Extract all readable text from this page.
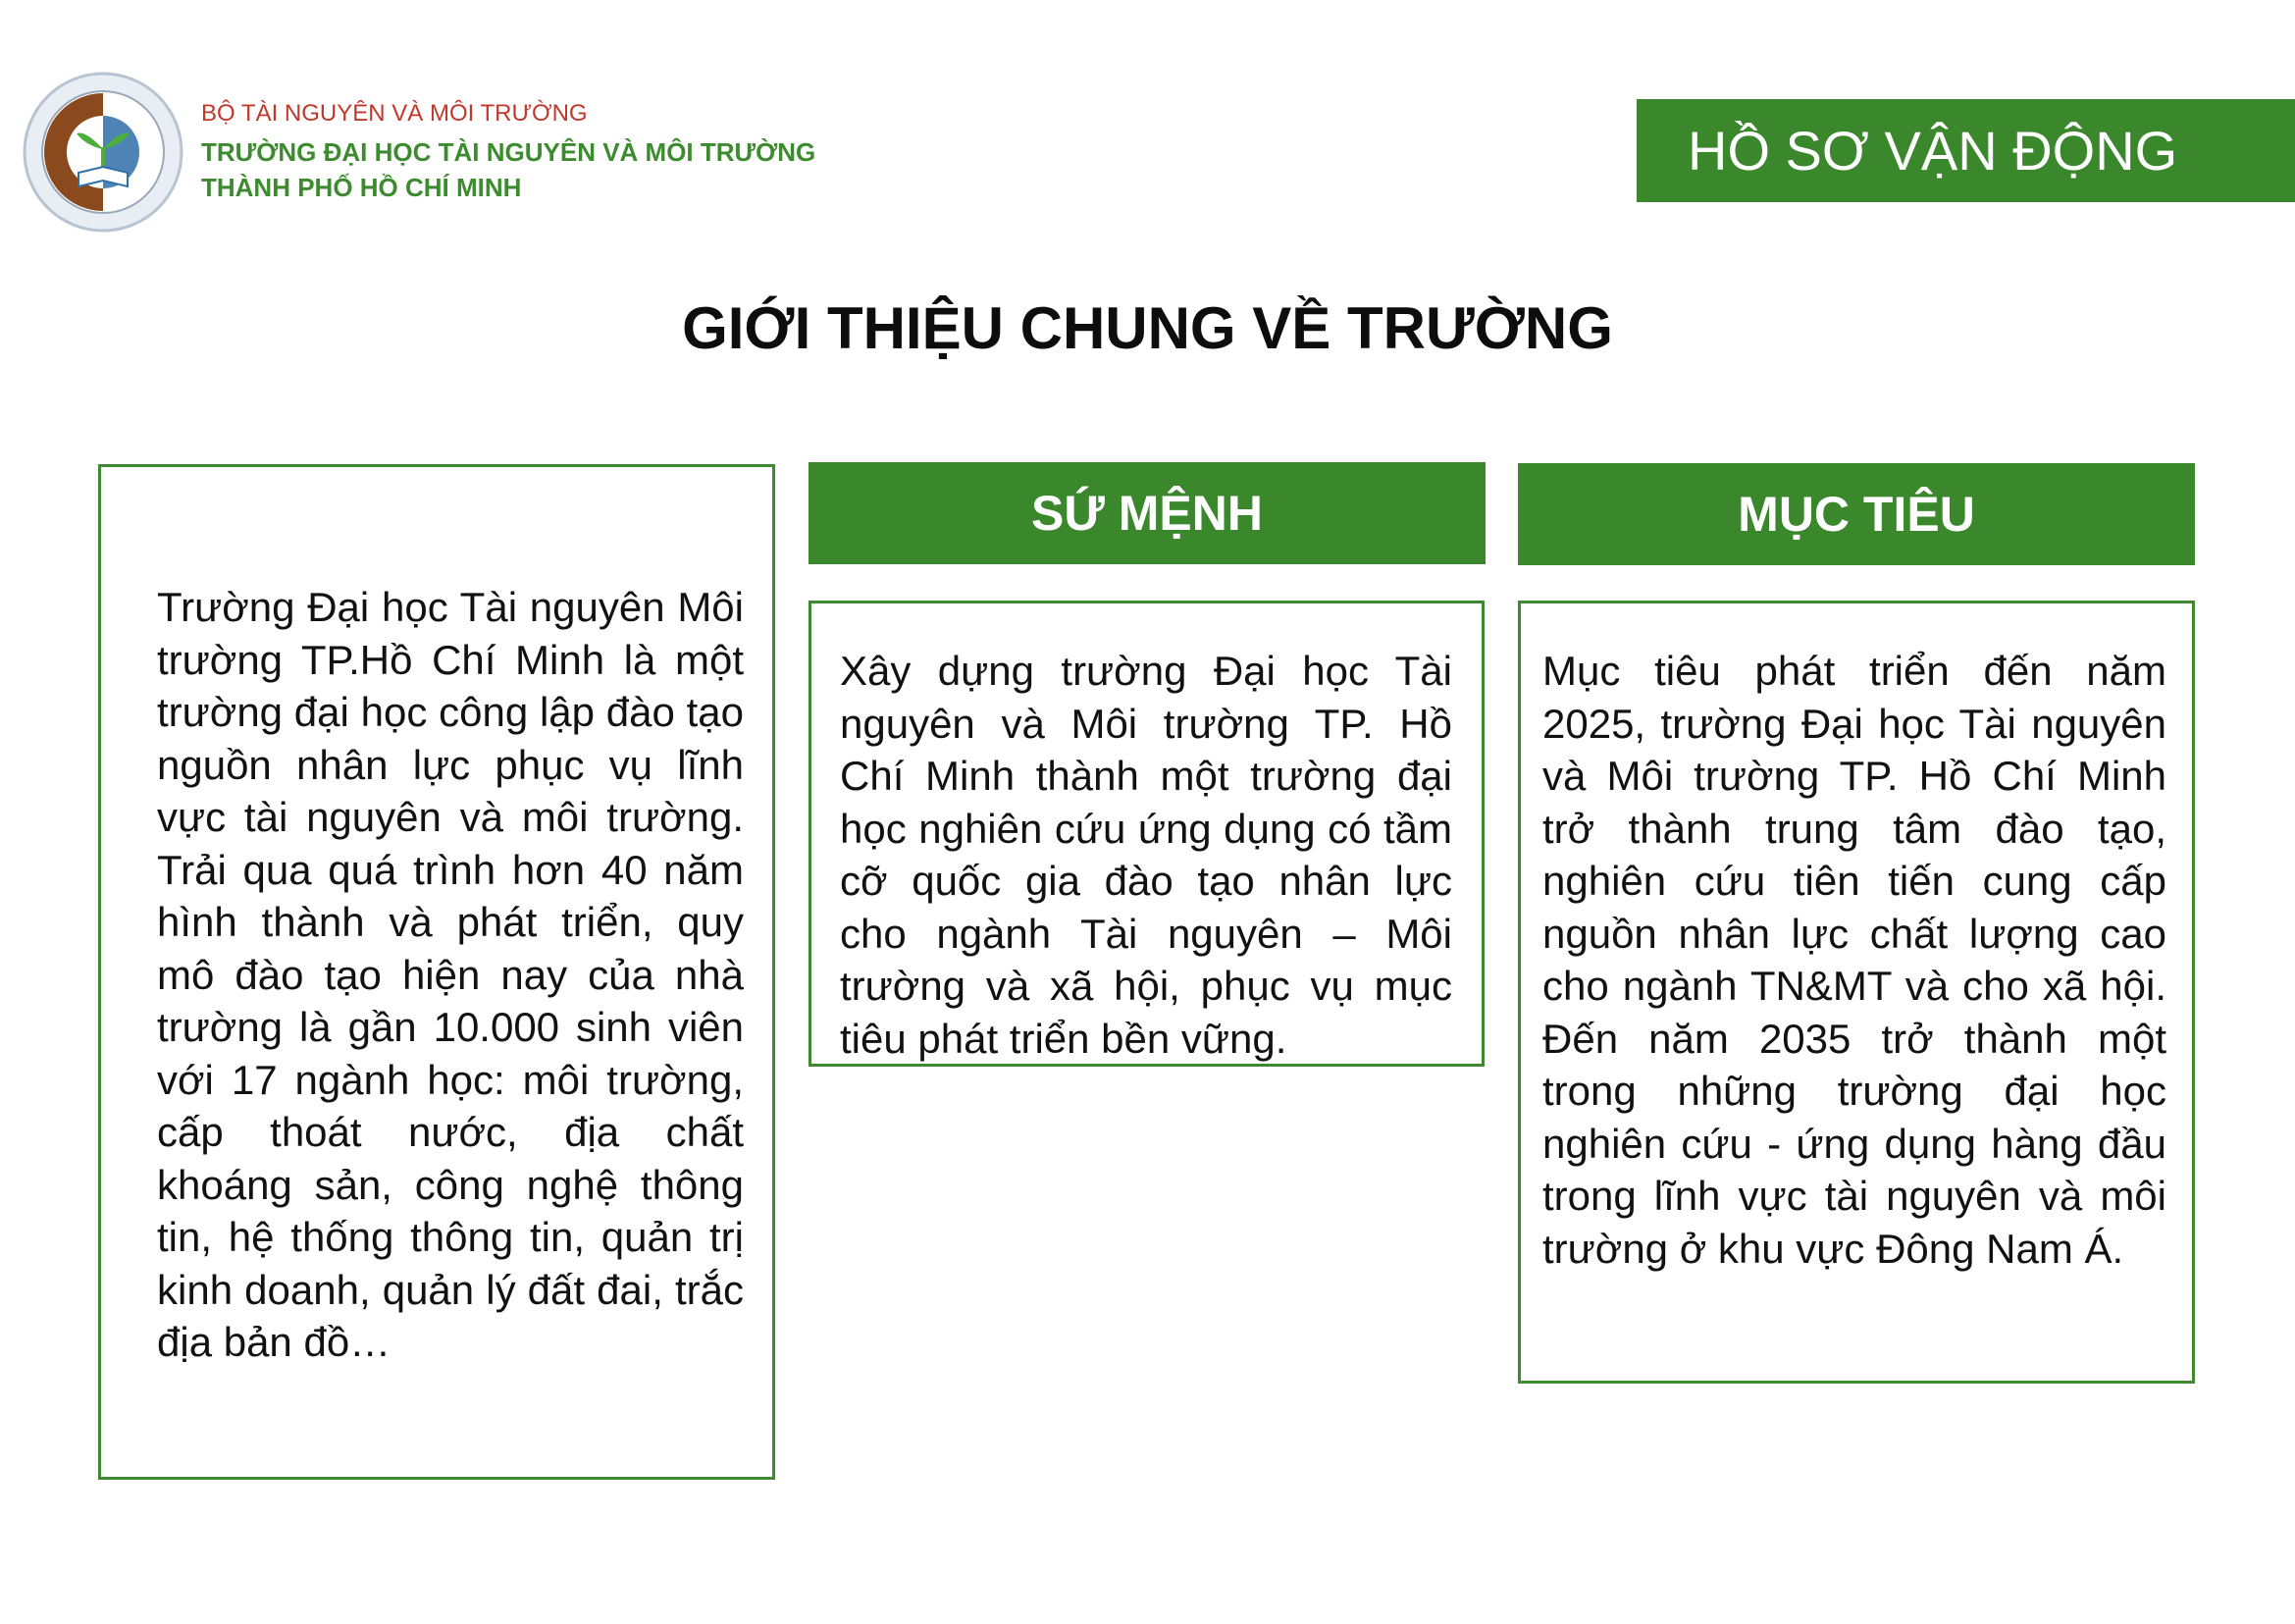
BỘ TÀI NGUYÊN VÀ MÔI TRƯỜNG
TRƯỜNG ĐẠI HỌC TÀI NGUYÊN VÀ MÔI TRƯỜNG
THÀNH PHỐ HỒ CHÍ MINH
HỒ SƠ VẬN ĐỘNG
GIỚI THIỆU CHUNG VỀ TRƯỜNG

Trường Đại học Tài nguyên Môi trường TP.Hồ Chí Minh là một trường đại học công lập đào tạo nguồn nhân lực phục vụ lĩnh vực tài nguyên và môi trường. Trải qua quá trình hơn 40 năm hình thành và phát triển, quy mô đào tạo hiện nay của nhà trường là gần 10.000 sinh viên với 17 ngành học: môi trường, cấp thoát nước, địa chất khoáng sản, công nghệ thông tin, hệ thống thông tin, quản trị kinh doanh, quản lý đất đai, trắc địa bản đồ…

SỨ MỆNH

Xây dựng trường Đại học Tài nguyên và Môi trường TP. Hồ Chí Minh thành một trường đại học nghiên cứu ứng dụng có tầm cỡ quốc gia đào tạo nhân lực cho ngành Tài nguyên – Môi trường và xã hội, phục vụ mục tiêu phát triển bền vững.

MỤC TIÊU

Mục tiêu phát triển đến năm 2025, trường Đại học Tài nguyên và Môi trường TP. Hồ Chí Minh trở thành trung tâm đào tạo, nghiên cứu tiên tiến cung cấp nguồn nhân lực chất lượng cao cho ngành TN&MT và cho xã hội. Đến năm 2035 trở thành một trong những trường đại học nghiên cứu - ứng dụng hàng đầu trong lĩnh vực tài nguyên và môi trường ở khu vực Đông Nam Á.
